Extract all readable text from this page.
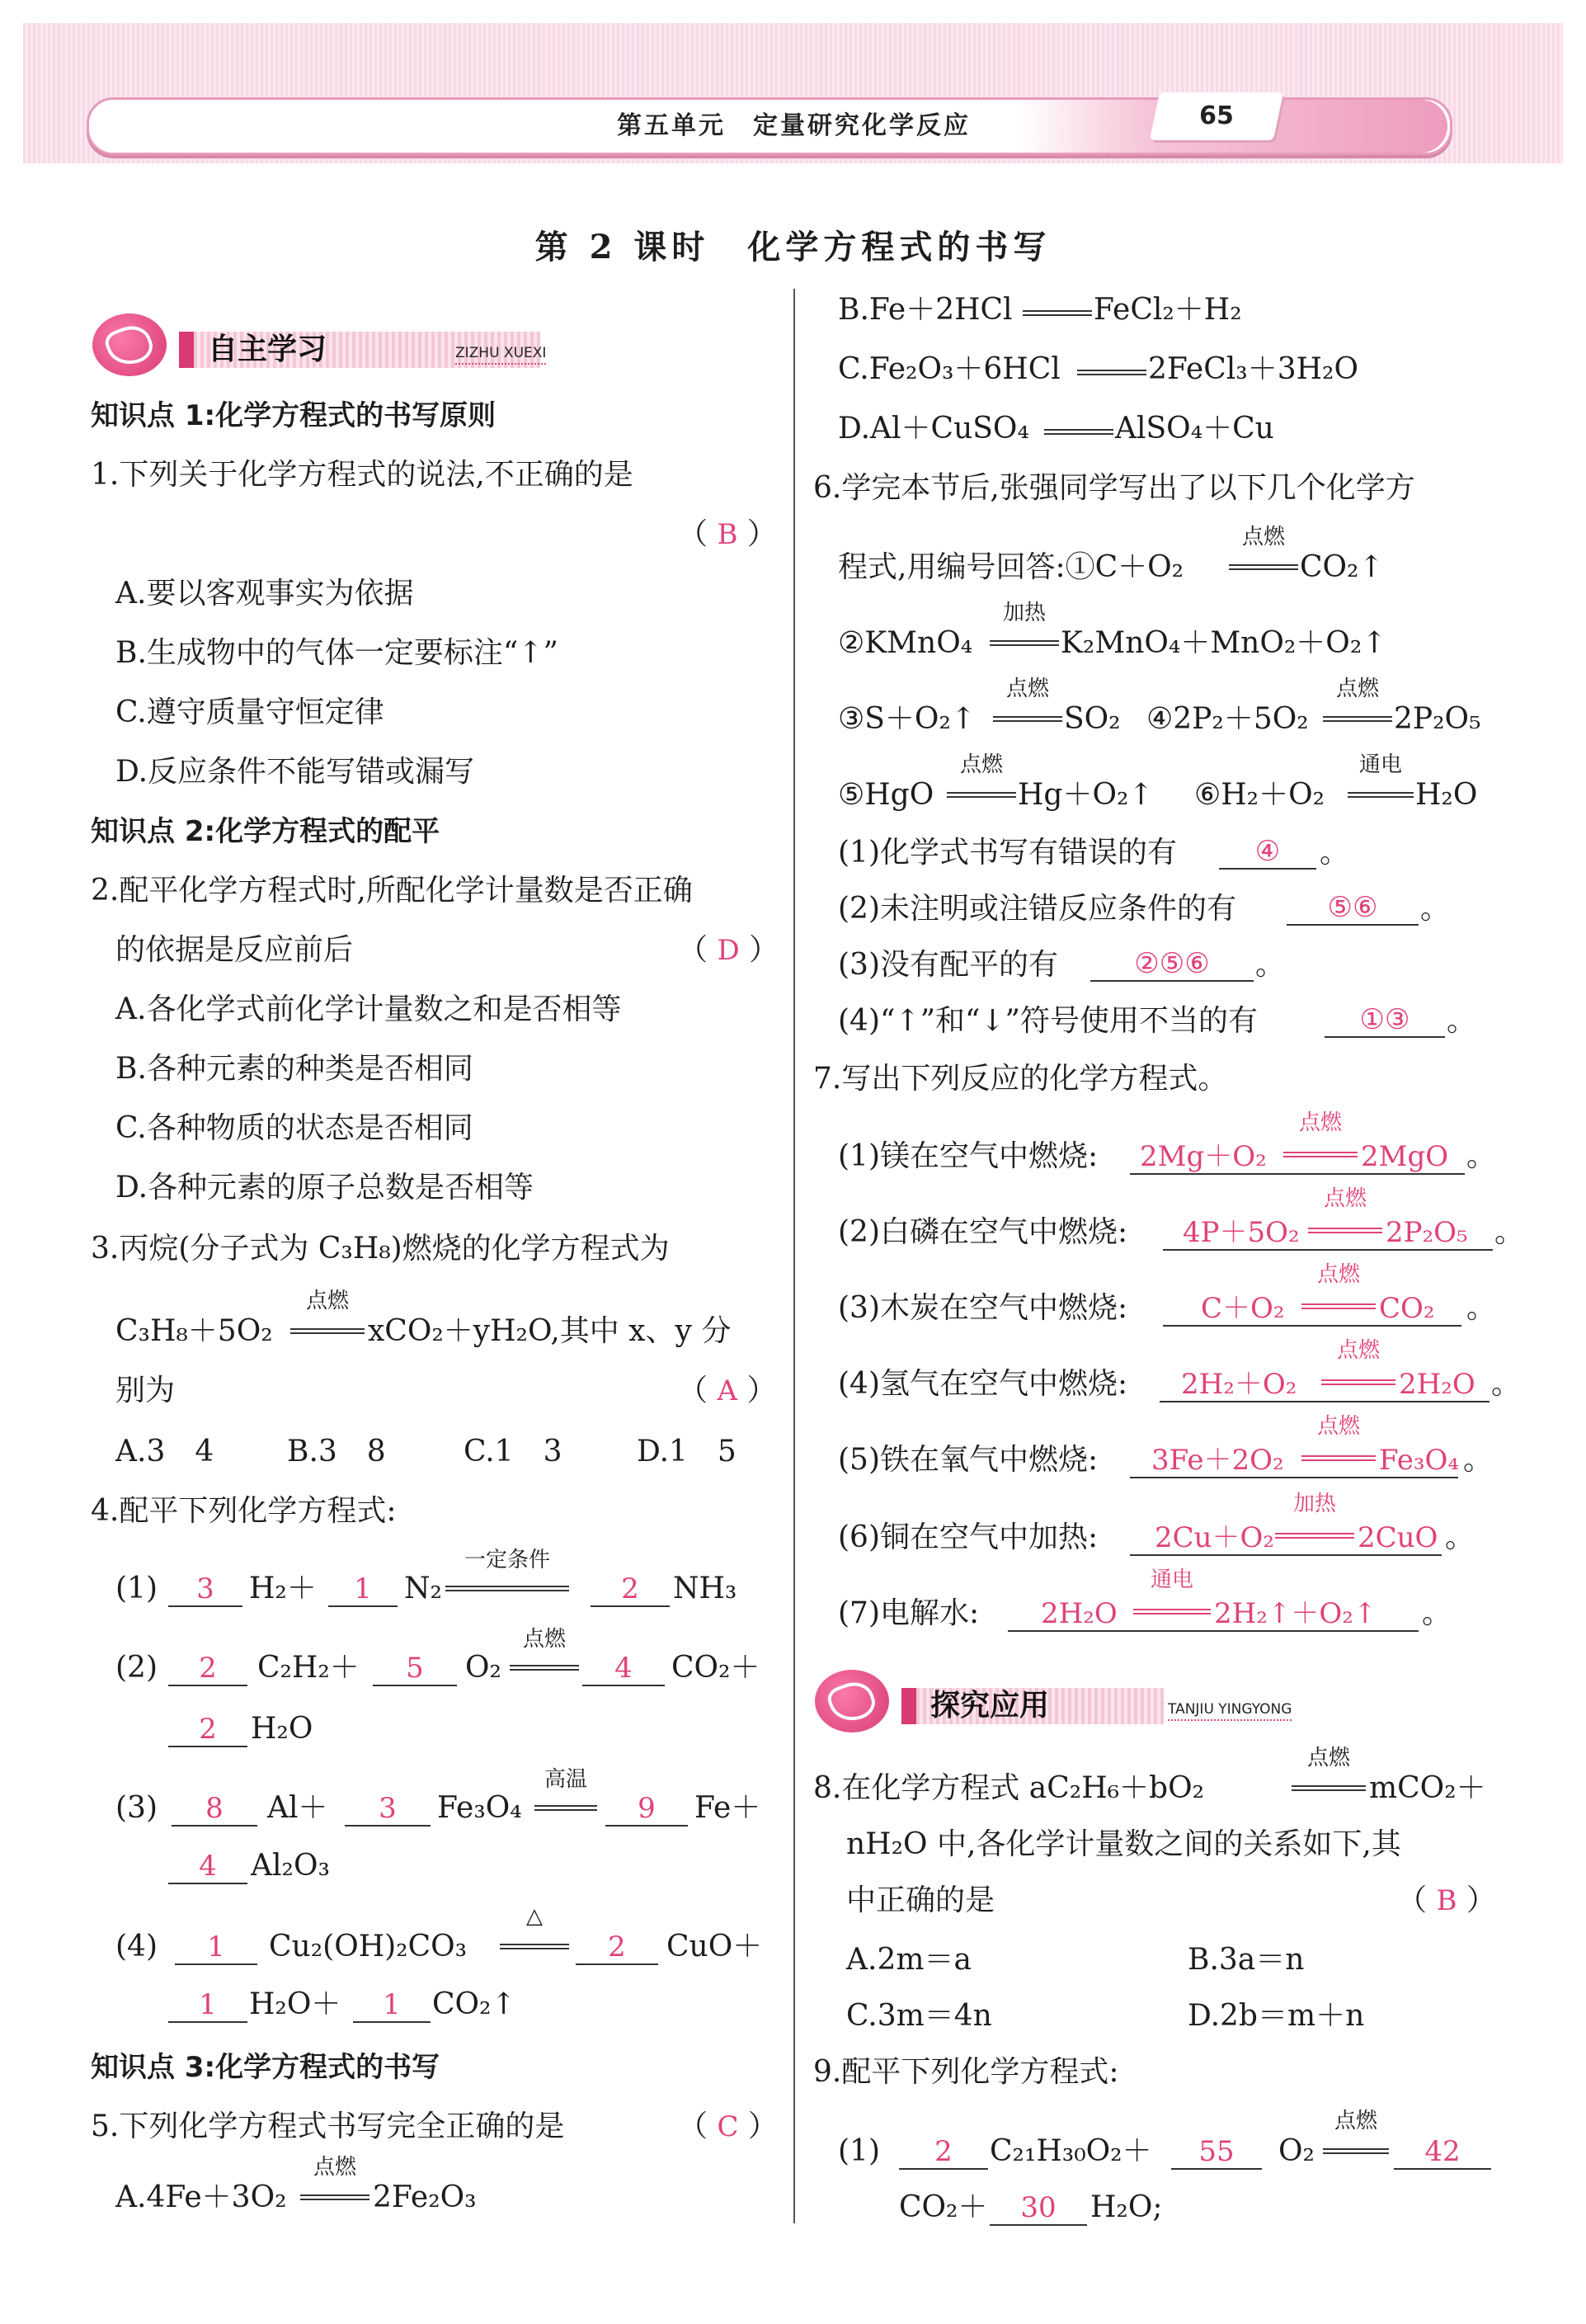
第五单元　定量研究化学反应	65
第 2 课时　化学方程式的书写
自主学习	ZIZHU XUEXI
知识点 1:化学方程式的书写原则
1.下列关于化学方程式的说法,不正确的是
（ B ）
A.要以客观事实为依据
B.生成物中的气体一定要标注“↑”
C.遵守质量守恒定律
D.反应条件不能写错或漏写
知识点 2:化学方程式的配平
2.配平化学方程式时,所配化学计量数是否正确
的依据是反应前后	（ D ）
A.各化学式前化学计量数之和是否相等
B.各种元素的种类是否相同
C.各种物质的状态是否相同
D.各种元素的原子总数是否相等
3.丙烷(分子式为 C₃H₈)燃烧的化学方程式为
C₃H₈＋5O₂
点燃
xCO₂＋yH₂O,其中 x、y 分
别为	（ A ）
A.3　4 B.3　8	C.1　3	D.1　5
4.配平下列化学方程式:
(1)	3	H₂＋	1	N₂
一定条件
2	NH₃
(2)	2	C₂H₂＋	5	O₂
点燃
4	CO₂＋
2	H₂O
(3)	8	Al＋	3	Fe₃O₄
高温
9	Fe＋
4	Al₂O₃
(4)	1	Cu₂(OH)₂CO₃
△
2	CuO＋
1	H₂O＋	1	CO₂↑
知识点 3:化学方程式的书写
5.下列化学方程式书写完全正确的是	（ C ）
A.4Fe＋3O₂
点燃
2Fe₂O₃
B.Fe＋2HCl	FeCl₂＋H₂
C.Fe₂O₃＋6HCl	2FeCl₃＋3H₂O
D.Al＋CuSO₄	AlSO₄＋Cu
6.学完本节后,张强同学写出了以下几个化学方
程式,用编号回答:①C＋O₂
点燃
CO₂↑
②KMnO₄
加热
K₂MnO₄＋MnO₂＋O₂↑
③S＋O₂↑
点燃
SO₂ ④2P₂＋5O₂
点燃
2P₂O₅
⑤HgO
点燃
Hg＋O₂↑ ⑥H₂＋O₂
通电
H₂O
(1)化学式书写有错误的有	④	。
(2)未注明或注错反应条件的有	⑤⑥	。
(3)没有配平的有	②⑤⑥	。
(4)“↑”和“↓”符号使用不当的有	①③	。
7.写出下列反应的化学方程式。
(1)镁在空气中燃烧: 2Mg＋O₂
点燃
2MgO 。
(2)白磷在空气中燃烧: 4P＋5O₂
点燃
2P₂O₅ 。
(3)木炭在空气中燃烧:	C＋O₂
点燃
CO₂ 。
(4)氢气在空气中燃烧: 2H₂＋O₂
点燃
2H₂O 。
(5)铁在氧气中燃烧: 3Fe＋2O₂
点燃
Fe₃O₄ 。
(6)铜在空气中加热: 2Cu＋O₂
加热
2CuO 。
(7)电解水: 2H₂O
通电
2H₂↑＋O₂↑ 。
探究应用	TANJIU YINGYONG
8.在化学方程式 aC₂H₆＋bO₂
点燃
mCO₂＋
nH₂O 中,各化学计量数之间的关系如下,其
中正确的是	（ B ）
A.2m＝a	B.3a＝n
C.3m＝4n	D.2b＝m＋n
9.配平下列化学方程式:
(1)	2	C₂₁H₃₀O₂＋	55	O₂
点燃
42
CO₂＋	30	H₂O;
